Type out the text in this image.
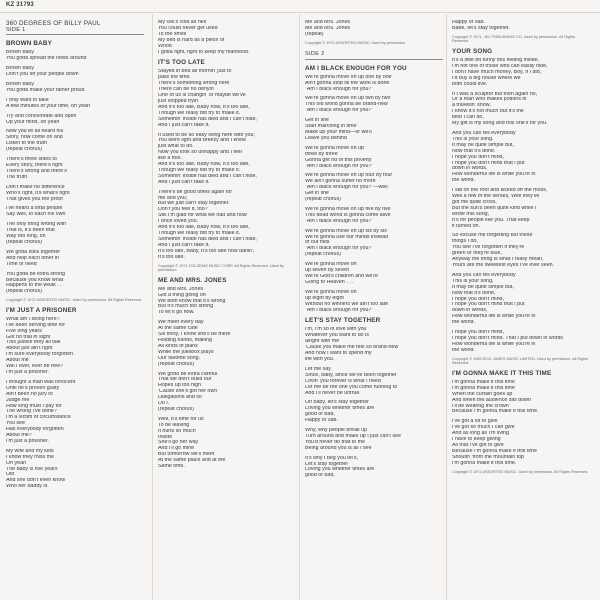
KZ 31793
360 DEGREES OF BILLY PAUL
SIDE 1
BROWN BABY
Brown baby
You gotta spread the news around
Brown baby
Don't you let your people down
Brown baby
You gotta make your father proud
I only want to take
A few minutes of your time, oh yeah
Try and concentrate and open
Up your mind, oh yeah
Now you've all heard his
Story, now come on and
Listen to the truth
(repeat chorus)
There's three sides to
Every story, there's right
There's wrong and there's
The truth
Don't make no difference
Who's right, it's what's right
That gives you the proof
I've heard a lotta people
Say well, to each his own
The only thing wrong with
That is, it's been that
Way too long, oh
(repeat chorus)
We gotta stick together
And help each other in
Time of need
You gotta be extra strong
Because you know what
Happens to the weak . . .
(repeat chorus)
Copyright © 1972 ASSORTED MUSIC. Used by permission. All Rights Reserved.
I'M JUST A PRISONER
What am I doing here?
I've been serving time for
Five long years
Got no trial in sight
This justice they all talk
About just ain't right
I'm sure everybody forgotten
About me
Will I ever, ever be free?
I'm just a prisoner.
I thought a man was innocent
Until he's proven guilty
Ain't been no jury to
Judge me
How long must I pay for
The wrong I've done?
I'm a victim of circumstance
You see
Has everybody forgotten
About me?
I'm just a prisoner.
My wife and my kids
I know they miss me
Oh yeah
The baby is five years
Old
And she don't even know
Who her daddy is.
My cell's cold as hell
You could never get used
To the smell
My bed is hard as a piece of
Wood
I gotta fight, fight to keep my manhood.
IT'S TOO LATE
Stayed in bed all mornin' just to
pass the time.
There's something wrong here
There can be no denyin'
One of us is changin' or maybe we've
just stopped tryin'
And it's too late, Baby now, It's too late,
Though we really did try to make it.
Somethin' inside has died and I can't hide,
And I just can't fake it.
It used to be so easy living here with you;
You were light and breezy and I knew
just what to do.
Now you look so unhappy and I feel
like a fool.
And it's too late, Baby now, It's too late,
Though we really did try to make it.
Somethin' inside has died and I can't hide,
And I just can't fake it.
There'll be good times again for
me and you;
But we just can't stay together.
Don't you feel it, too?
Still I'm glad for what we had and how
I once loved you.
And it's too late, Baby now, It's too late,
Though we really did try to make it.
Somethin' inside has died and I can't hide,
And I just can't fake it.
It's too late, Baby, It's too late now darlin',
It's too late.
Copyright © 1971 COLGEMS MUSIC CORP. All Rights Reserved. Used by permission.
ME AND MRS. JONES
Me and Mrs. Jones
Got a thing going on
We both know that it's wrong
But it's much too strong
To let it go now.
We meet every day
At the same cafe
Six thirty, I know she'll be there
Holding hands, making
All kinds of plans
While the jukebox plays
Our favorite song.
(repeat chorus)
We gotta be extra careful
That we don't build our
Hopes up too high
'Cause she's got her own
Obligations and so
Do I.
(repeat chorus)
Well, it's time for us
To be leaving
It hurts so much
Inside
She'll go her way
And I'll go mine
But tomorrow we'll meet
At the same place and at the
Same time.
Me and Mrs. Jones
Me and Mrs. Jones
(repeat)
Copyright © 1972 ASSORTED MUSIC. Used by permission.
SIDE 2
AM I BLACK ENOUGH FOR YOU
We're gonna move on up one by one
Ain't gonna stop till the work is done
"Am I black enough for you?"
We're gonna move on up two by two
This old world gonna be brand-new
"Am I black enough for you?"
Get in line
Start marching in time
Make up your mind—or we'll
Leave you behind
We're gonna move on up
three by three
Gonna get rid of this poverty
"Am I black enough for you?"
We're gonna move on up four by four
We ain't gonna suffer no more
"Am I black enough for you?"—well
Get in line
(repeat chorus)
We're gonna move on up five by five
This dead world is gonna come alive
"Am I black enough for you?"
We're gonna move on up six by six
We're gonna use our minds instead
of our fists
"Am I black enough for you?"
(repeat chorus)
We're gonna move on
up seven by seven
We're God's children and we're
Going to Heaven . . .
We're gonna move on
up eight by eight
Without no winners we ain't too late
"Am I black enough for you?"
LET'S STAY TOGETHER
I'm, I'm so in love with you
Whatever you want to do is
alright with me
'Cause you make me feel so brand-new
And now I want to spend my
life with you.
Let me say
Since, baby, since we've been together
Lovin' you forever is what I need
Let me be the one you come running to
And I'll never be untrue.
Oh baby, let's stay together
Loving you whether times are
good or bad,
Happy or sad.
Why, why people break up
Turn around and make up I just can't see
You'd never do that to me
Being around you is all I see
It's why I beg you let's,
Let's stay together
Loving you whether times are
good or bad,
Happy or sad.
Babe, let's stay together.
Copyright © 1971, JEC PUBLISHING CO. Used by permission. All Rights Reserved.
YOUR SONG
It's a little bit funny this feeling inside,
I'm not one of those who can easily hide,
I don't have much money, Boy, If I did,
I'd buy a big house where we
both could live.
If I was a sculptor but then again no,
Or a man who makes potions in
a travellin' show,
I know it's not much but it's the
best I can do,
My gift is my song and this one's for you.
And you can tell everybody
This is your song.
It may be quite simple but,
Now that it's done.
I hope you don't mind,
I hope you don't mind that I put
down in words,
How wonderful life is while you're in
the world.
I sat on the roof and kicked off the moss,
Well a few of the verses, Well they've
got me quite cross,
But the sun's been quite kind while I
wrote this song,
It's for people like you. That keep
it turned on.
So excuse me forgetting but these
things I do,
You see I've forgotten if they're
green or they're blue,
Anyway the thing is what I really mean,
Yours are the sweetest eyes I've ever seen.
And you can tell everybody
This is your song,
It may be quite simple but,
Now that it's done,
I hope you don't mind,
I hope you don't mind that I put
down in words,
How wonderful life is while you're in
the world.
I hope you don't mind,
I hope you don't mind. That I put down in words
How wonderful life is while you're in
the world.
Copyright © 1969 DICK JAMES MUSIC LIMITED. Used by permission. All Rights Reserved.
I'M GONNA MAKE IT THIS TIME
I'm gonna make it this time
I'm gonna make it this time
When the curtain goes up
And when the audience sits down
I'll be wearing the crown
Because I'm gonna make it this time.
I've got a lot to give
I've got so much I can give
And as long as I'm living
I have to keep giving
All that I've got to give
Because I'm gonna make it this time
Shoutin' from the mountain top
I'm gonna make it this time.
Copyright © 1972 ASSORTED MUSIC. Used by permission. All Rights Reserved.
